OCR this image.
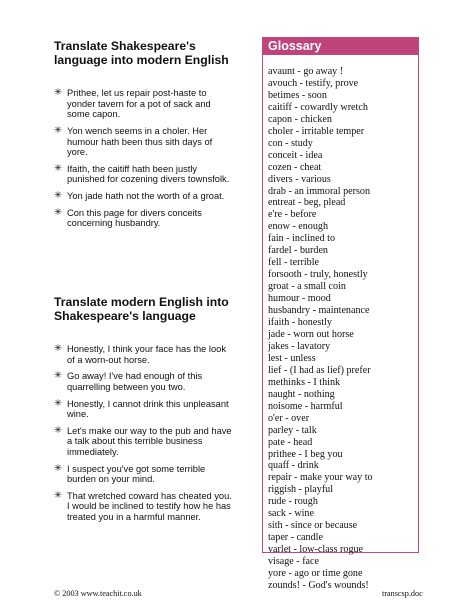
Translate Shakespeare's language into modern English
✳ Prithee, let us repair post-haste to yonder tavern for a pot of sack and some capon.
✳ Yon wench seems in a choler. Her humour hath been thus sith days of yore.
✳ Ifaith, the caitiff hath been justly punished for cozening divers townsfolk.
✳ Yon jade hath not the worth of a groat.
✳ Con this page for divers conceits concerning husbandry.
Translate modern English into Shakespeare's language
✳ Honestly, I think your face has the look of a worn-out horse.
✳ Go away! I've had enough of this quarrelling between you two.
✳ Honestly, I cannot drink this unpleasant wine.
✳ Let's make our way to the pub and have a talk about this terrible business immediately.
✳ I suspect you've got some terrible burden on your mind.
✳ That wretched coward has cheated you. I would be inclined to testify how he has treated you in a harmful manner.
Glossary
avaunt - go away !
avouch - testify, prove
betimes - soon
caitiff - cowardly wretch
capon - chicken
choler - irritable temper
con - study
conceit - idea
cozen - cheat
divers - various
drab - an immoral person
entreat - beg, plead
e're - before
enow - enough
fain - inclined to
fardel - burden
fell - terrible
forsooth - truly, honestly
groat - a small coin
humour - mood
husbandry - maintenance
ifaith - honestly
jade - worn out horse
jakes - lavatory
lest - unless
lief - (I had as lief) prefer
methinks - I think
naught - nothing
noisome - harmful
o'er - over
parley - talk
pate - head
prithee - I beg you
quaff - drink
repair - make your way to
riggish - playful
rude - rough
sack - wine
sith - since or because
taper - candle
varlet - low-class rogue
visage - face
yore - ago or time gone
zounds! - God's wounds!
© 2003 www.teachit.co.uk	transcsp.doc
